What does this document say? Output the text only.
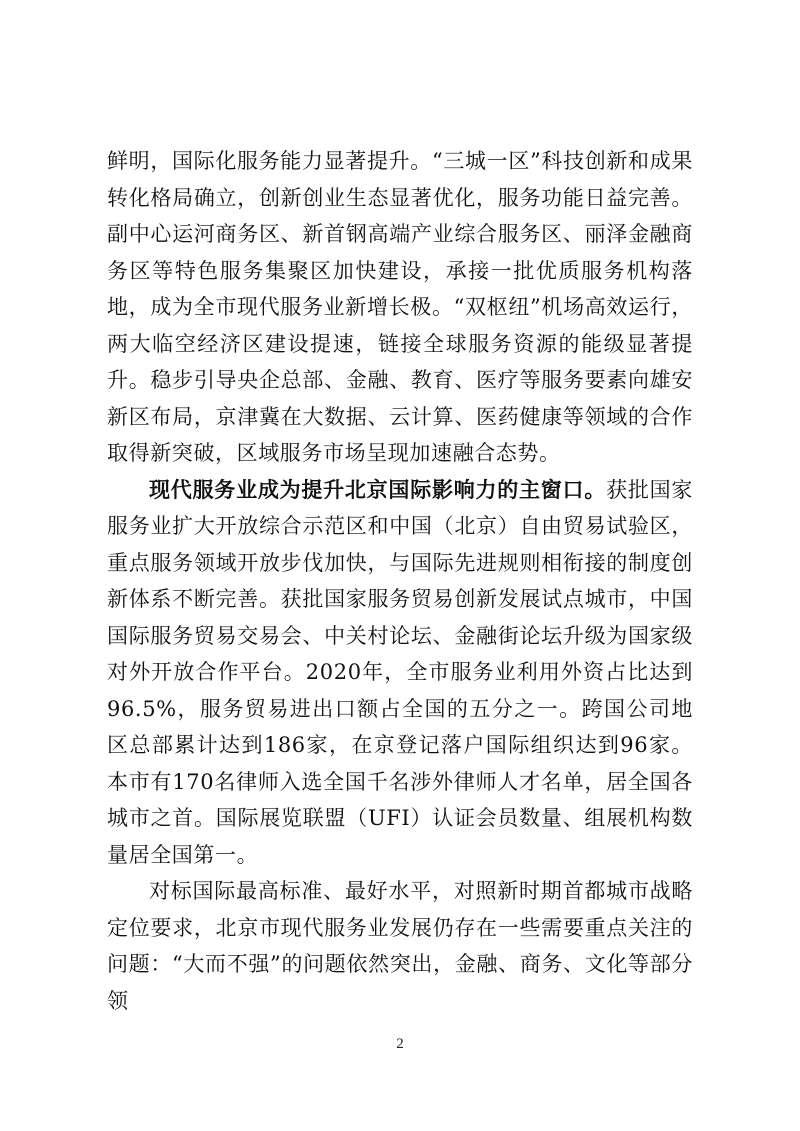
鲜明，国际化服务能力显著提升。“三城一区”科技创新和成果转化格局确立，创新创业生态显著优化，服务功能日益完善。副中心运河商务区、新首钢高端产业综合服务区、丽泽金融商务区等特色服务集聚区加快建设，承接一批优质服务机构落地，成为全市现代服务业新增长极。“双枢纽”机场高效运行，两大临空经济区建设提速，链接全球服务资源的能级显著提升。稳步引导央企总部、金融、教育、医疗等服务要素向雄安新区布局，京津冀在大数据、云计算、医药健康等领域的合作取得新突破，区域服务市场呈现加速融合态势。

现代服务业成为提升北京国际影响力的主窗口。获批国家服务业扩大开放综合示范区和中国（北京）自由贸易试验区，重点服务领域开放步伐加快，与国际先进规则相衔接的制度创新体系不断完善。获批国家服务贸易创新发展试点城市，中国国际服务贸易交易会、中关村论坛、金融街论坛升级为国家级对外开放合作平台。2020年，全市服务业利用外资占比达到96.5%，服务贸易进出口额占全国的五分之一。跨国公司地区总部累计达到186家，在京登记落户国际组织达到96家。本市有170名律师入选全国千名涉外律师人才名单，居全国各城市之首。国际展览联盟（UFI）认证会员数量、组展机构数量居全国第一。

对标国际最高标准、最好水平，对照新时期首都城市战略定位要求，北京市现代服务业发展仍存在一些需要重点关注的问题：“大而不强”的问题依然突出，金融、商务、文化等部分领

2
